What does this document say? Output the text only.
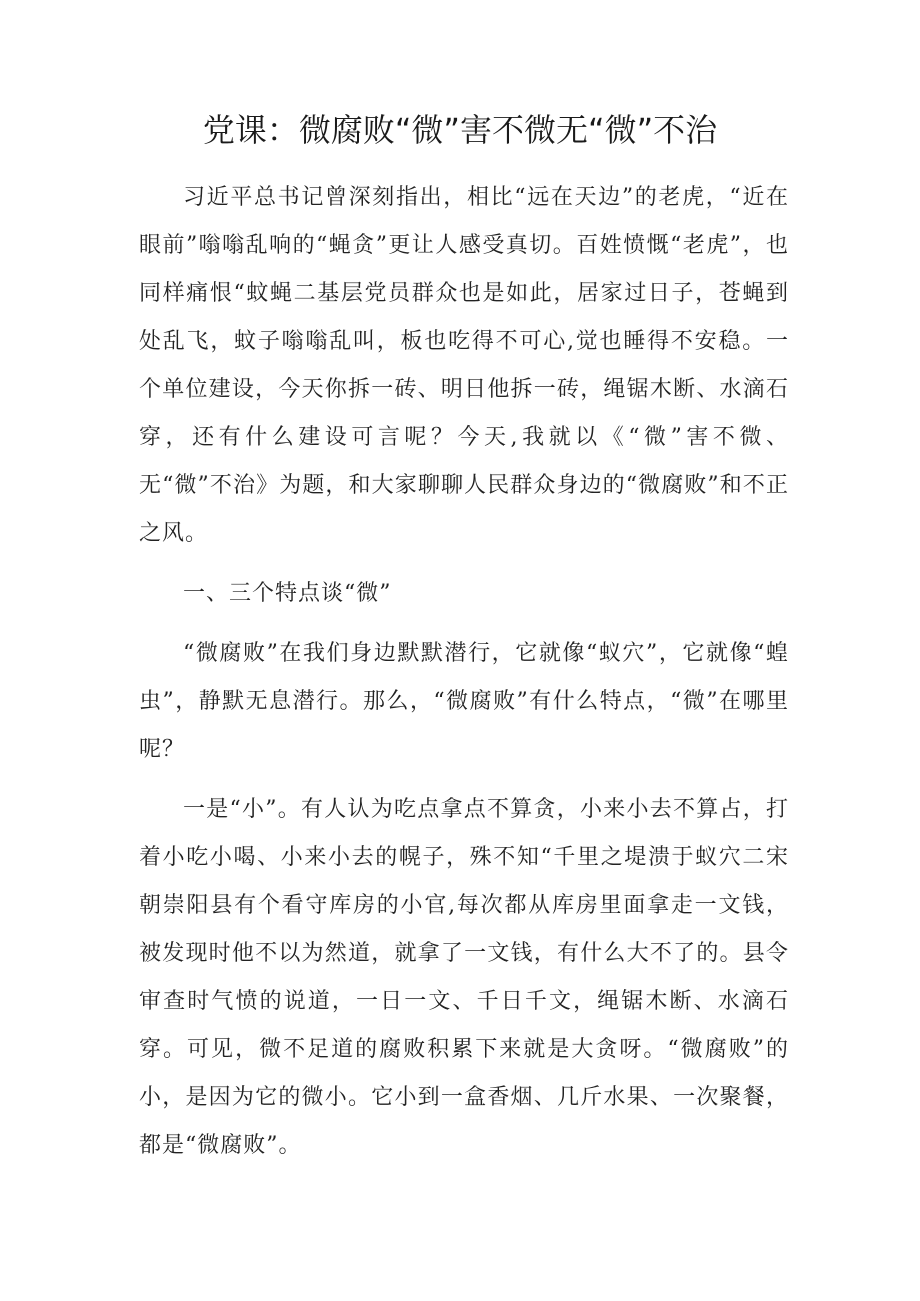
党课：微腐败“微”害不微无“微”不治

习近平总书记曾深刻指出，相比“远在天边”的老虎，“近在眼前”嗡嗡乱响的“蝇贪”更让人感受真切。百姓愤慨“老虎”，也同样痛恨“蚊蝇二基层党员群众也是如此，居家过日子，苍蝇到处乱飞，蚊子嗡嗡乱叫，板也吃得不可心,觉也睡得不安稳。一个单位建设，今天你拆一砖、明日他拆一砖，绳锯木断、水滴石穿，还有什么建设可言呢？今天,我就以《“微”害不微、无“微”不治》为题，和大家聊聊人民群众身边的“微腐败”和不正之风。

一、三个特点谈“微”

“微腐败”在我们身边默默潜行，它就像“蚁穴”，它就像“蝗虫”，静默无息潜行。那么，“微腐败”有什么特点，“微”在哪里呢？

一是“小”。有人认为吃点拿点不算贪，小来小去不算占，打着小吃小喝、小来小去的幌子，殊不知“千里之堤溃于蚁穴二宋朝崇阳县有个看守库房的小官,每次都从库房里面拿走一文钱，被发现时他不以为然道，就拿了一文钱，有什么大不了的。县令审查时气愤的说道，一日一文、千日千文，绳锯木断、水滴石穿。可见，微不足道的腐败积累下来就是大贪呀。“微腐败”的小，是因为它的微小。它小到一盒香烟、几斤水果、一次聚餐，都是“微腐败”。
